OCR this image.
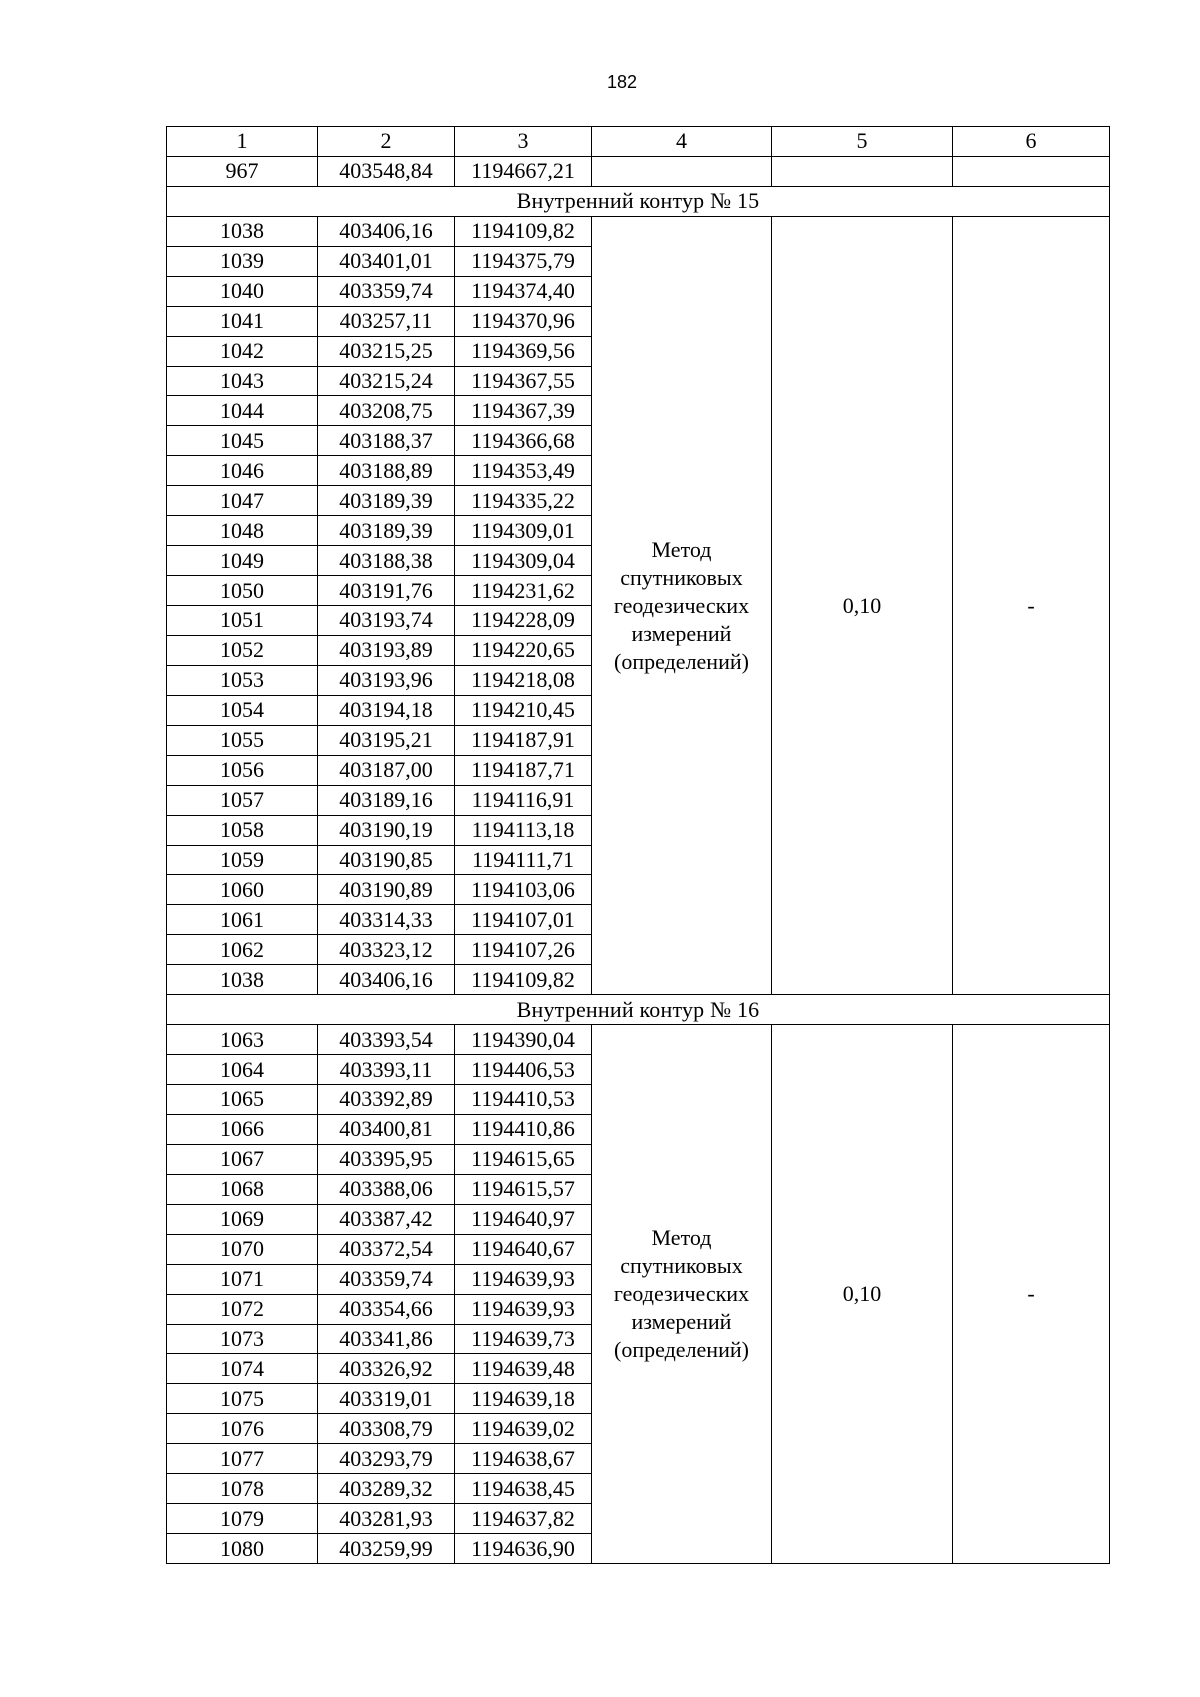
182
1	2	3	4	5	6
967	403548,84	1194667,21			
Внутренний контур № 15					
1038	403406,16	1194109,82	Метод спутниковых геодезических измерений (определений)	0,10	-
1039	403401,01	1194375,79			
1040	403359,74	1194374,40			
1041	403257,11	1194370,96			
1042	403215,25	1194369,56			
1043	403215,24	1194367,55			
1044	403208,75	1194367,39			
1045	403188,37	1194366,68			
1046	403188,89	1194353,49			
1047	403189,39	1194335,22			
1048	403189,39	1194309,01			
1049	403188,38	1194309,04			
1050	403191,76	1194231,62			
1051	403193,74	1194228,09			
1052	403193,89	1194220,65			
1053	403193,96	1194218,08			
1054	403194,18	1194210,45			
1055	403195,21	1194187,91			
1056	403187,00	1194187,71			
1057	403189,16	1194116,91			
1058	403190,19	1194113,18			
1059	403190,85	1194111,71			
1060	403190,89	1194103,06			
1061	403314,33	1194107,01			
1062	403323,12	1194107,26			
1038	403406,16	1194109,82			
Внутренний контур № 16					
1063	403393,54	1194390,04	Метод спутниковых геодезических измерений (определений)	0,10	-
1064	403393,11	1194406,53			
1065	403392,89	1194410,53			
1066	403400,81	1194410,86			
1067	403395,95	1194615,65			
1068	403388,06	1194615,57			
1069	403387,42	1194640,97			
1070	403372,54	1194640,67			
1071	403359,74	1194639,93			
1072	403354,66	1194639,93			
1073	403341,86	1194639,73			
1074	403326,92	1194639,48			
1075	403319,01	1194639,18			
1076	403308,79	1194639,02			
1077	403293,79	1194638,67			
1078	403289,32	1194638,45			
1079	403281,93	1194637,82			
1080	403259,99	1194636,90			
